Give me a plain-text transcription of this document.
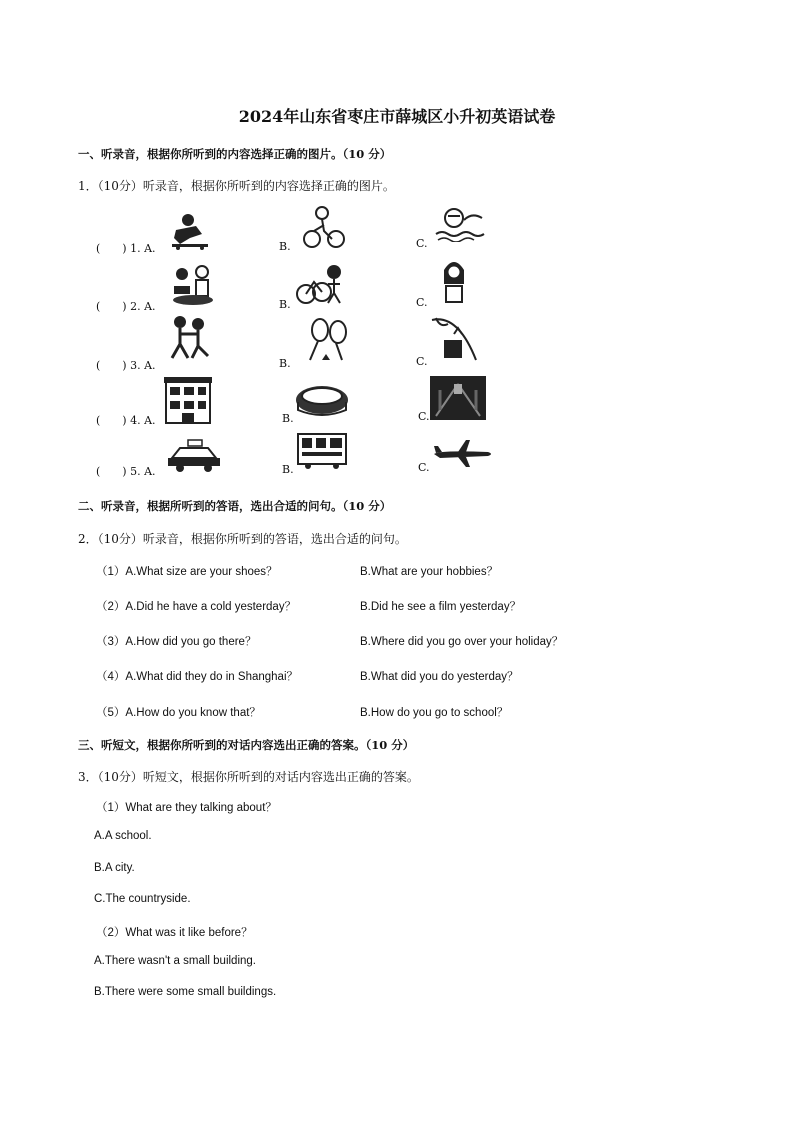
2024年山东省枣庄市薛城区小升初英语试卷
一、听录音，根据你所听到的内容选择正确的图片。（10 分）
1．（10分）听录音，根据你所听到的内容选择正确的图片。
(　　) 1. A.	B.	C.
(　　) 2. A.	B.	C.
(　　) 3. A.	B.	C.
(　　) 4. A.	B.	C.
(　　) 5. A.	B.	C.
二、听录音，根据所听到的答语，选出合适的问句。（10 分）
2．（10分）听录音，根据你所听到的答语，选出合适的问句。
（1）A.What size are your shoes？	B.What are your hobbies？
（2）A.Did he have a cold yesterday？	B.Did he see a film yesterday？
（3）A.How did you go there？	B.Where did you go over your holiday？
（4）A.What did they do in Shanghai？	B.What did you do yesterday？
（5）A.How do you know that？	B.How do you go to school？
三、听短文，根据你所听到的对话内容选出正确的答案。（10 分）
3．（10分）听短文，根据你所听到的对话内容选出正确的答案。
（1）What are they talking about？
A.A school.
B.A city.
C.The countryside.
（2）What was it like before？
A.There wasn't a small building.
B.There were some small buildings.
